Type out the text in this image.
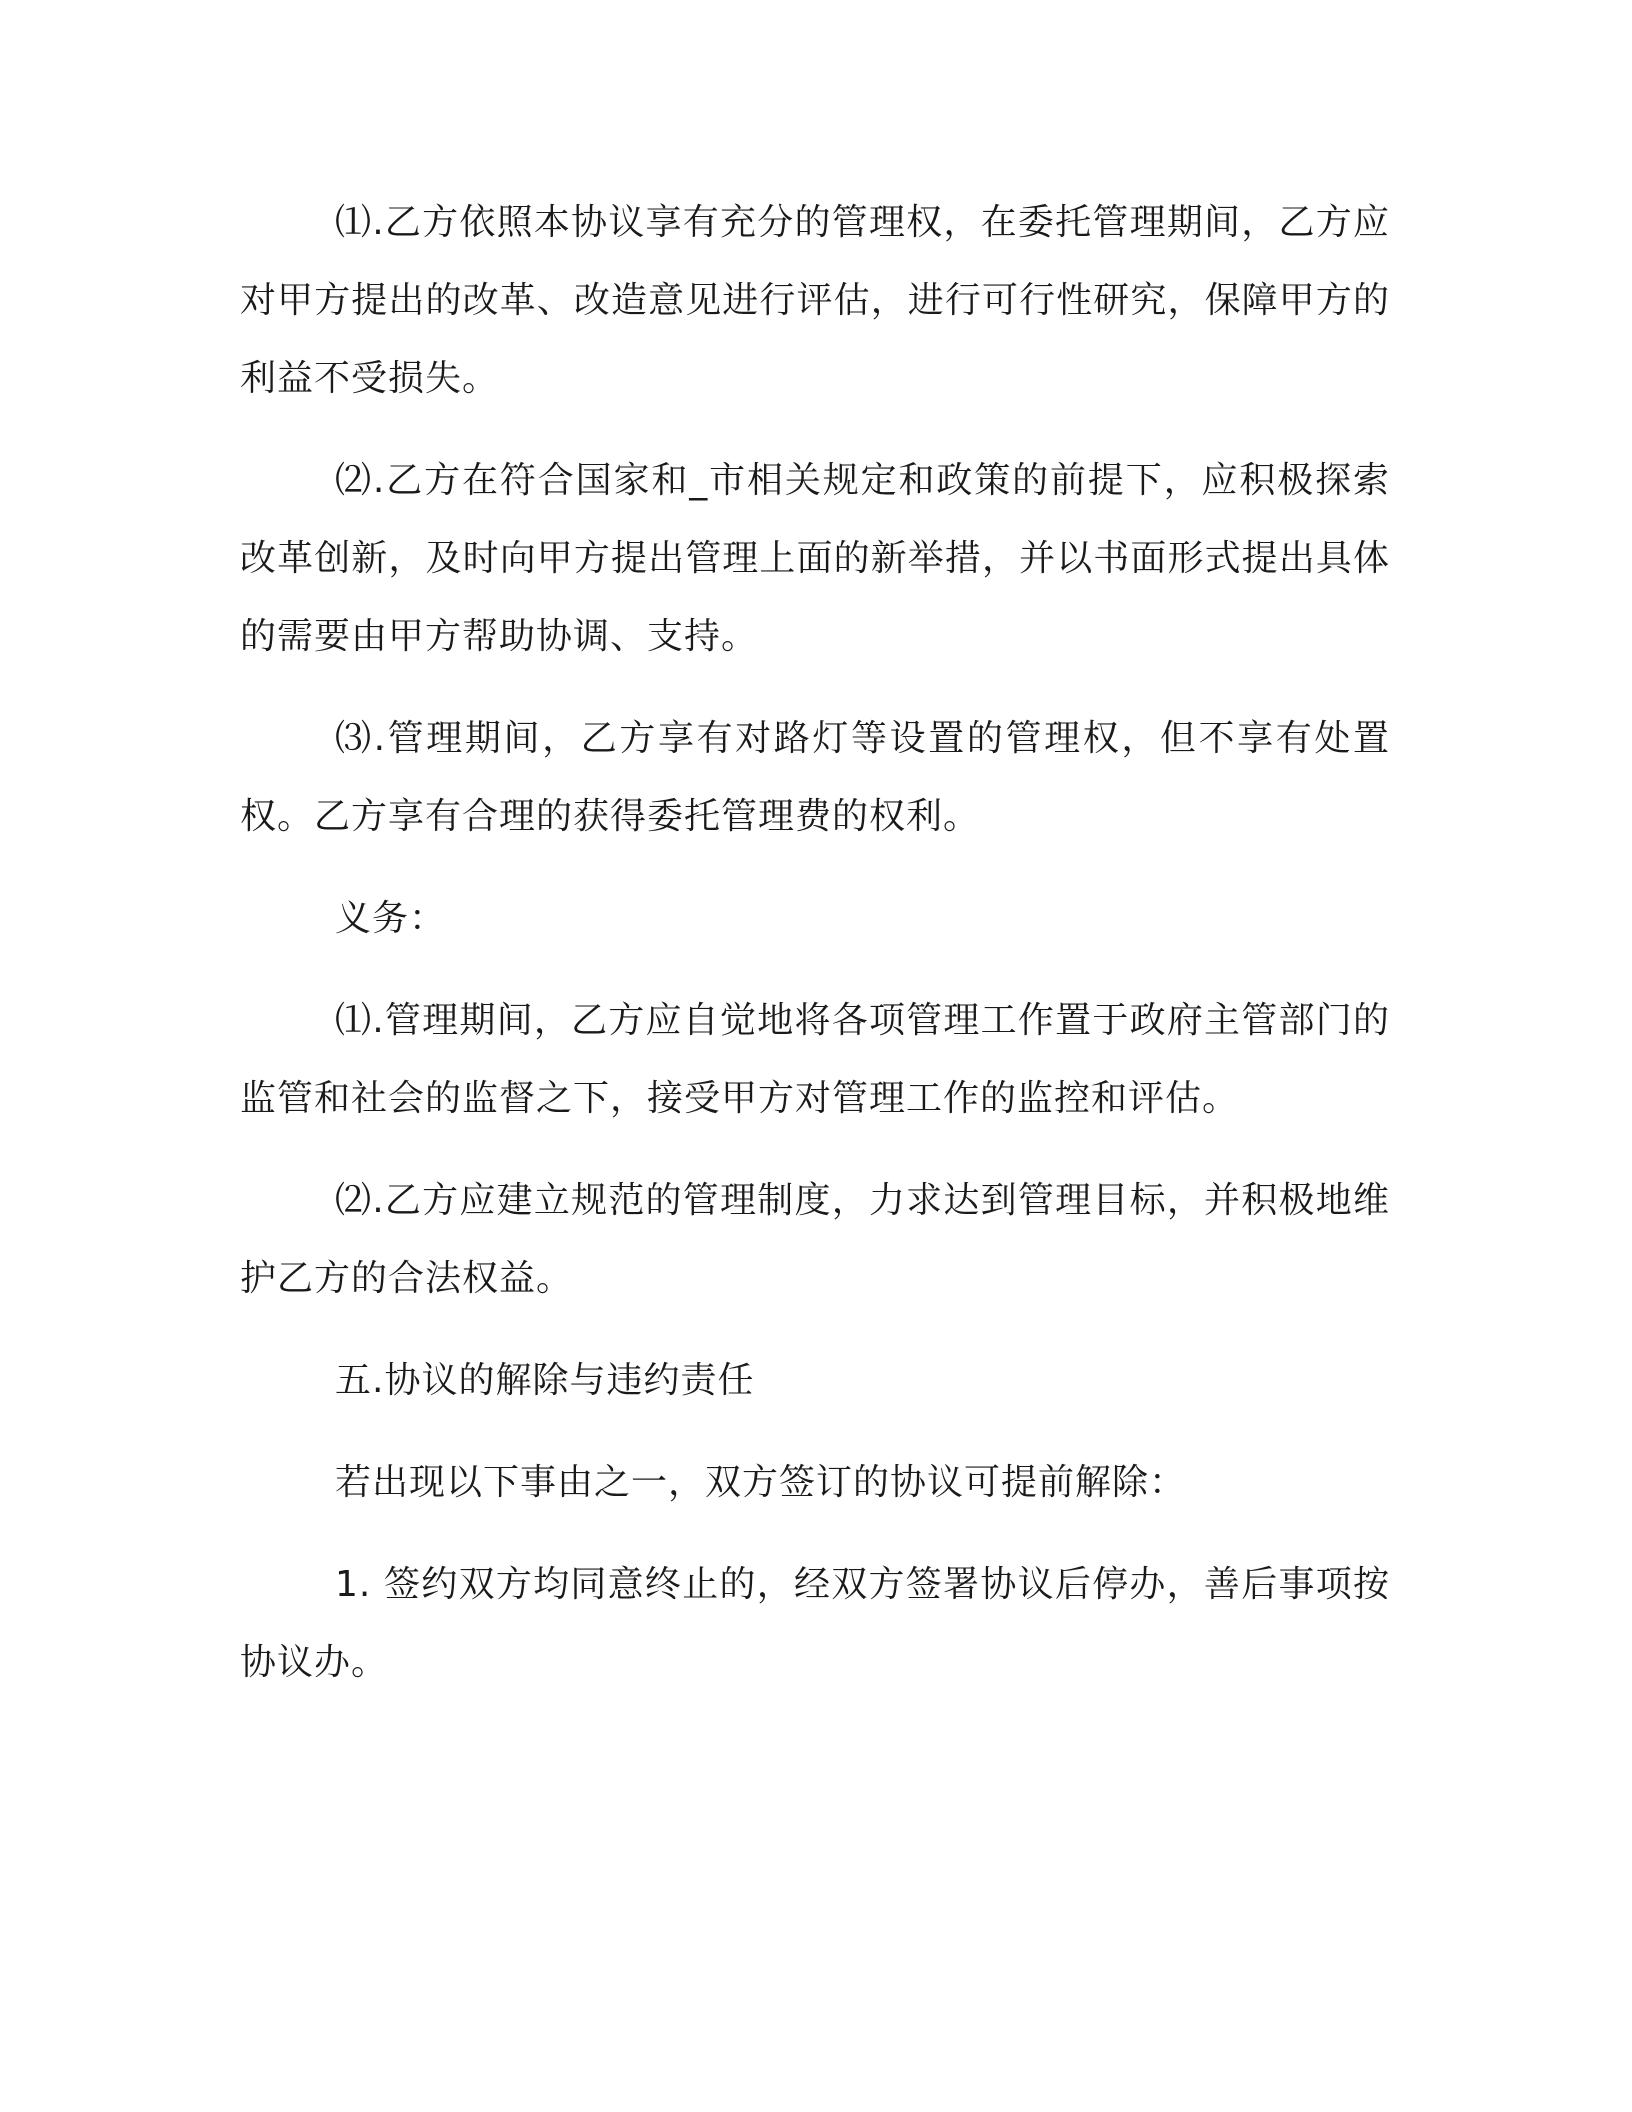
⑴.乙方依照本协议享有充分的管理权，在委托管理期间，乙方应对甲方提出的改革、改造意见进行评估，进行可行性研究，保障甲方的利益不受损失。

⑵.乙方在符合国家和_市相关规定和政策的前提下，应积极探索改革创新，及时向甲方提出管理上面的新举措，并以书面形式提出具体的需要由甲方帮助协调、支持。

⑶.管理期间，乙方享有对路灯等设置的管理权，但不享有处置权。乙方享有合理的获得委托管理费的权利。

义务：

⑴.管理期间，乙方应自觉地将各项管理工作置于政府主管部门的监管和社会的监督之下，接受甲方对管理工作的监控和评估。

⑵.乙方应建立规范的管理制度，力求达到管理目标，并积极地维护乙方的合法权益。

五.协议的解除与违约责任

若出现以下事由之一，双方签订的协议可提前解除：

1. 签约双方均同意终止的，经双方签署协议后停办，善后事项按协议办。
